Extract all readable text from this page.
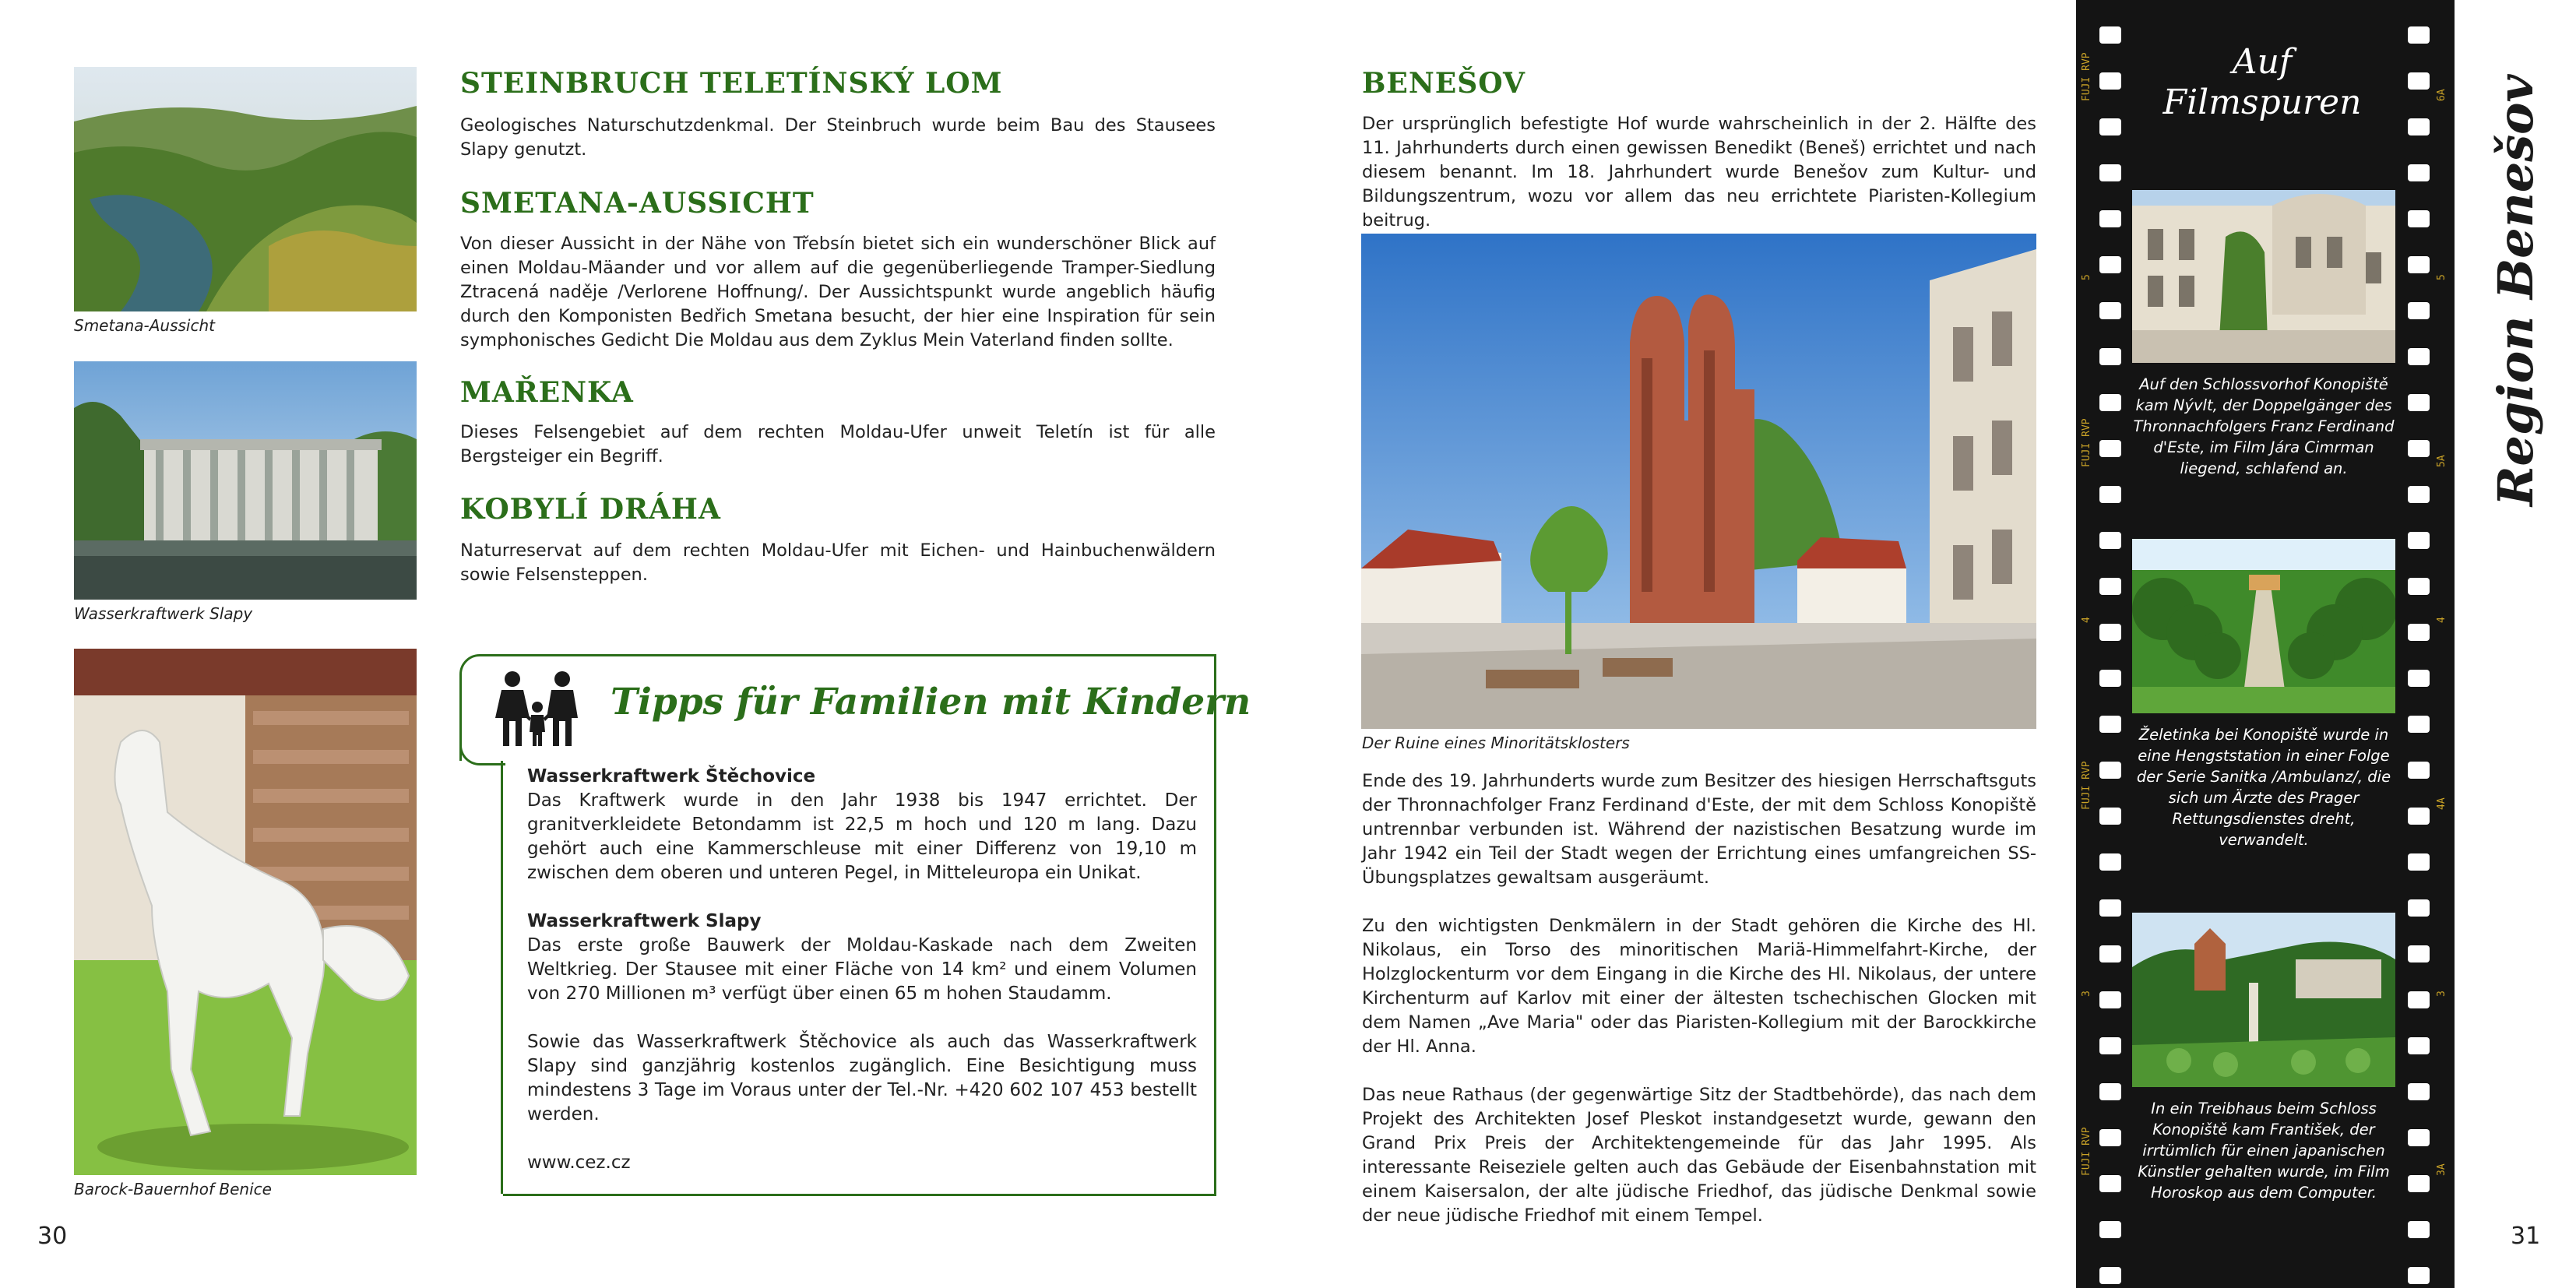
Smetana-Aussicht
Wasserkraftwerk Slapy
Barock-Bauernhof Benice
STEINBRUCH TELETÍNSKÝ LOM
Geologisches Naturschutzdenkmal. Der Steinbruch wurde beim Bau des Stausees Slapy genutzt.
SMETANA-AUSSICHT
Von dieser Aussicht in der Nähe von Třebsín bietet sich ein wunderschöner Blick auf einen Moldau-Mäander und vor allem auf die gegenüberliegende Tramper-Siedlung Ztracená naděje /Verlorene Hoffnung/. Der Aussichtspunkt wurde angeblich häufig durch den Komponisten Bedřich Smetana besucht, der hier eine Inspiration für sein symphonisches Gedicht Die Moldau aus dem Zyklus Mein Vaterland finden sollte.
MAŘENKA
Dieses Felsengebiet auf dem rechten Moldau-Ufer unweit Teletín ist für alle Bergsteiger ein Begriff.
KOBYLÍ DRÁHA
Naturreservat auf dem rechten Moldau-Ufer mit Eichen- und Hainbuchenwäldern sowie Felsensteppen.
Tipps für Familien mit Kindern
Wasserkraftwerk Štěchovice

Das Kraftwerk wurde in den Jahr 1938 bis 1947 errichtet. Der granitverkleidete Betondamm ist 22,5 m hoch und 120 m lang. Dazu gehört auch eine Kammerschleuse mit einer Differenz von 19,10 m zwischen dem oberen und unteren Pegel, in Mitteleuropa ein Unikat.

Wasserkraftwerk Slapy

Das erste große Bauwerk der Moldau-Kaskade nach dem Zweiten Weltkrieg. Der Stausee mit einer Fläche von 14 km² und einem Volumen von 270 Millionen m³ verfügt über einen 65 m hohen Staudamm.

Sowie das Wasserkraftwerk Štěchovice als auch das Wasserkraftwerk Slapy sind ganzjährig kostenlos zugänglich. Eine Besichtigung muss mindestens 3 Tage im Voraus unter der Tel.-Nr. +420 602 107 453 bestellt werden.

www.cez.cz
30
BENEŠOV
Der ursprünglich befestigte Hof wurde wahrscheinlich in der 2. Hälfte des 11. Jahrhunderts durch einen gewissen Benedikt (Beneš) errichtet und nach diesem benannt. Im 18. Jahrhundert wurde Benešov zum Kultur- und Bildungszentrum, wozu vor allem das neu errichtete Piaristen-Kollegium beitrug.
Der Ruine eines Minoritätsklosters

Ende des 19. Jahrhunderts wurde zum Besitzer des hiesigen Herrschaftsguts der Thronnachfolger Franz Ferdinand d'Este, der mit dem Schloss Konopiště untrennbar verbunden ist. Während der nazistischen Besatzung wurde im Jahr 1942 ein Teil der Stadt wegen der Errichtung eines umfangreichen SS-Übungsplatzes gewaltsam ausgeräumt.

Zu den wichtigsten Denkmälern in der Stadt gehören die Kirche des Hl. Nikolaus, ein Torso des minoritischen Mariä-Himmelfahrt-Kirche, der Holzglockenturm vor dem Eingang in die Kirche des Hl. Nikolaus, der untere Kirchenturm auf Karlov mit einer der ältesten tschechischen Glocken mit dem Namen „Ave Maria" oder das Piaristen-Kollegium mit der Barockkirche der Hl. Anna.

Das neue Rathaus (der gegenwärtige Sitz der Stadtbehörde), das nach dem Projekt des Architekten Josef Pleskot instandgesetzt wurde, gewann den Grand Prix Preis der Architektengemeinde für das Jahr 1995. Als interessante Reiseziele gelten auch das Gebäude der Eisenbahnstation mit einem Kaisersalon, der alte jüdische Friedhof, das jüdische Denkmal sowie der neue jüdische Friedhof mit einem Tempel.

Auf
Filmspuren
Auf den Schlossvorhof Konopiště kam Nývlt, der Doppelgänger des Thronnachfolgers Franz Ferdinand d'Este, im Film Jára Cimrman liegend, schlafend an.
Želetinka bei Konopiště wurde in eine Hengststation in einer Folge der Serie Sanitka /Ambulanz/, die sich um Ärzte des Prager Rettungsdienstes dreht, verwandelt.
In ein Treibhaus beim Schloss Konopiště kam František, der irrtümlich für einen japanischen Künstler gehalten wurde, im Film Horoskop aus dem Computer.
FUJI RVP
5
FUJI RVP
4
FUJI RVP
3
FUJI RVP
6A
5
5A
4
4A
3
3A
Region Benešov
31
